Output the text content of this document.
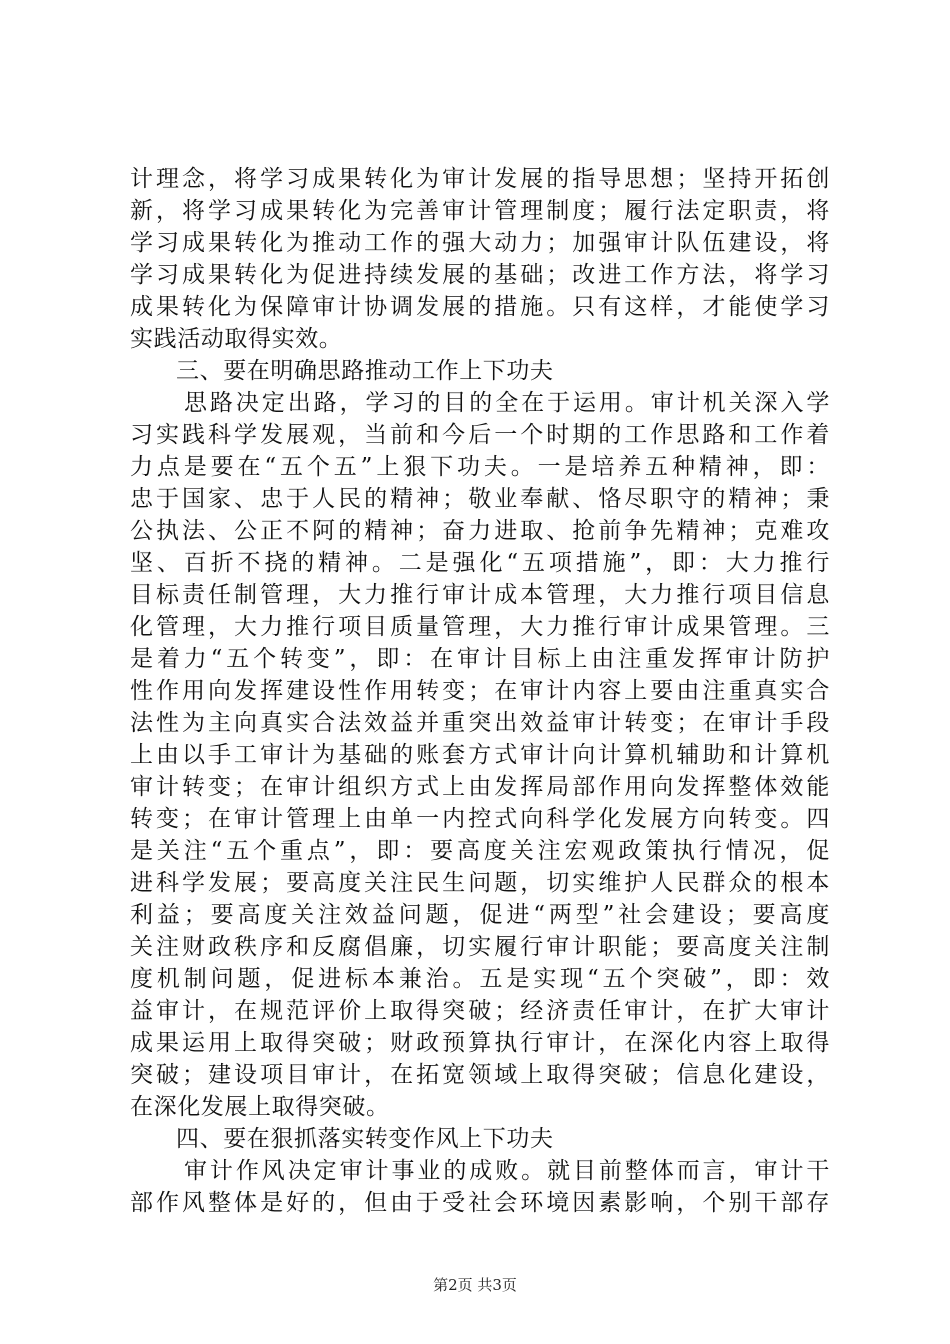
计理念，将学习成果转化为审计发展的指导思想；坚持开拓创
新，将学习成果转化为完善审计管理制度；履行法定职责，将
学习成果转化为推动工作的强大动力；加强审计队伍建设，将
学习成果转化为促进持续发展的基础；改进工作方法，将学习
成果转化为保障审计协调发展的措施。只有这样，才能使学习
实践活动取得实效。
三、要在明确思路推动工作上下功夫
思路决定出路，学习的目的全在于运用。审计机关深入学
习实践科学发展观，当前和今后一个时期的工作思路和工作着
力点是要在“五个五”上狠下功夫。一是培养五种精神，即：
忠于国家、忠于人民的精神；敬业奉献、恪尽职守的精神；秉
公执法、公正不阿的精神；奋力进取、抢前争先精神；克难攻
坚、百折不挠的精神。二是强化“五项措施”，即：大力推行
目标责任制管理，大力推行审计成本管理，大力推行项目信息
化管理，大力推行项目质量管理，大力推行审计成果管理。三
是着力“五个转变”，即：在审计目标上由注重发挥审计防护
性作用向发挥建设性作用转变；在审计内容上要由注重真实合
法性为主向真实合法效益并重突出效益审计转变；在审计手段
上由以手工审计为基础的账套方式审计向计算机辅助和计算机
审计转变；在审计组织方式上由发挥局部作用向发挥整体效能
转变；在审计管理上由单一内控式向科学化发展方向转变。四
是关注“五个重点”，即：要高度关注宏观政策执行情况，促
进科学发展；要高度关注民生问题，切实维护人民群众的根本
利益；要高度关注效益问题，促进“两型”社会建设；要高度
关注财政秩序和反腐倡廉，切实履行审计职能；要高度关注制
度机制问题，促进标本兼治。五是实现“五个突破”，即：效
益审计，在规范评价上取得突破；经济责任审计，在扩大审计
成果运用上取得突破；财政预算执行审计，在深化内容上取得
突破；建设项目审计，在拓宽领域上取得突破；信息化建设，
在深化发展上取得突破。
四、要在狠抓落实转变作风上下功夫
审计作风决定审计事业的成败。就目前整体而言，审计干
部作风整体是好的，但由于受社会环境因素影响，个别干部存
第2页 共3页
